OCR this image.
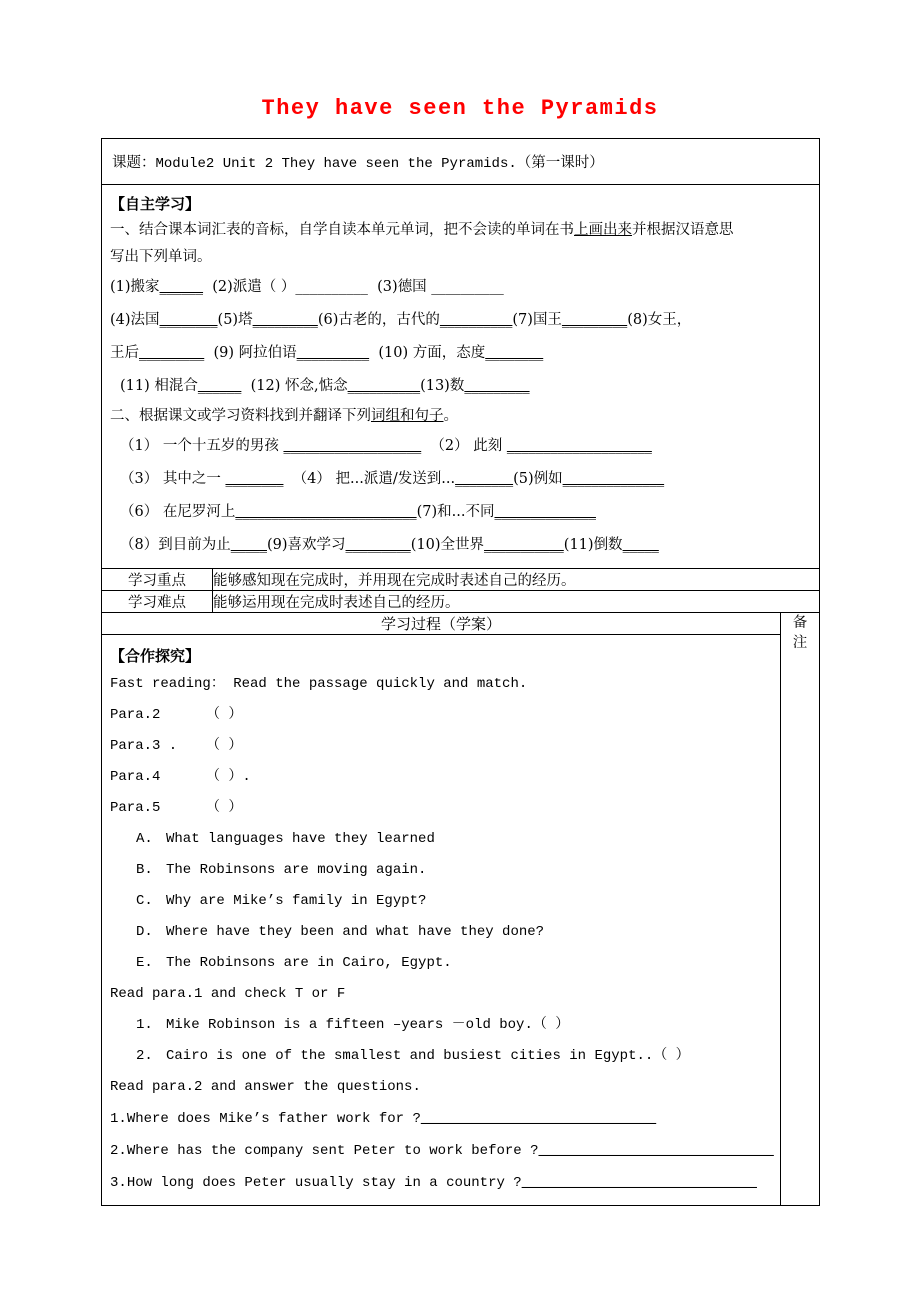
They have seen the Pyramids
课题：Module2 Unit 2 They have seen the Pyramids.（第一课时）		

【自主学习】
一、结合课本词汇表的音标，自学自读本单元单词，把不会读的单词在书上画出来并根据汉语意思
写出下列单词。
(1)搬家______ (2)派遣（ ）__________ (3)德国 __________
(4)法国________(5)塔_________(6)古老的，古代的__________(7)国王_________(8)女王，
王后_________ (9) 阿拉伯语__________ (10) 方面，态度________
(11) 相混合______ (12) 怀念,惦念__________(13)数_________
二、根据课文或学习资料找到并翻译下列词组和句子。
（1） 一个十五岁的男孩 ___________________ （2） 此刻 ____________________
（3） 其中之一 ________ （4） 把...派遣/发送到...________(5)例如______________
（6） 在尼罗河上_________________________(7)和...不同______________
（8）到目前为止_____(9)喜欢学习_________(10)全世界___________(11)倒数_____

学习重点	能够感知现在完成时，并用现在完成时表述自己的经历。	
学习难点	能够运用现在完成时表述自己的经历。	
学习过程（学案）		备注

【合作探究】
Fast reading： Read the passage quickly and match.
Para.2	（ ）
Para.3 . （ ）
Para.4	（ ）.
Para.5	（ ）
A. What languages have they learned
B. The Robinsons are moving again.
C. Why are Mike’s family in Egypt?
D. Where have they been and what have they done?
E. The Robinsons are in Cairo, Egypt.
Read para.1 and check T or F
1. Mike Robinson is a fifteen –years －old boy.（ ）
2. Cairo is one of the smallest and busiest cities in Egypt..（ ）
Read para.2 and answer the questions.
1.Where does Mike’s father work for ?____________________________
2.Where has the company sent Peter to work before ?____________________________
3.How long does Peter usually stay in a country ?____________________________
